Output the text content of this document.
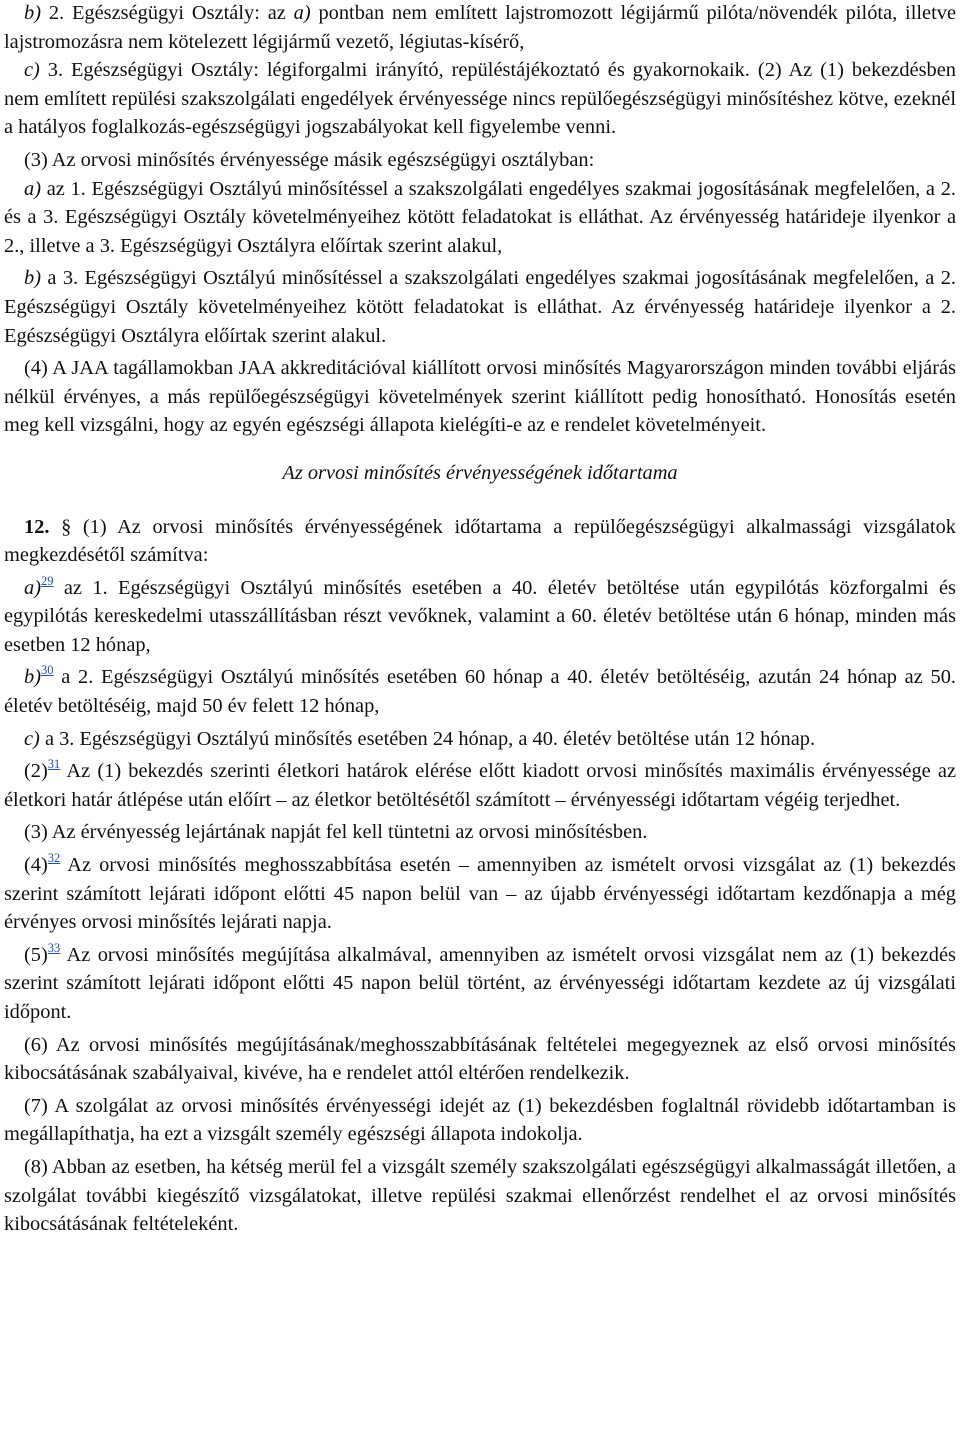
b) 2. Egészségügyi Osztály: az a) pontban nem említett lajstromozott légijármű pilóta/növendék pilóta, illetve lajstromozásra nem kötelezett légijármű vezető, légiutas-kísérő,

c) 3. Egészségügyi Osztály: légiforgalmi irányító, repüléstájékoztató és gyakornokaik. (2) Az (1) bekezdésben nem említett repülési szakszolgálati engedélyek érvényessége nincs repülőegészségügyi minősítéshez kötve, ezeknél a hatályos foglalkozás-egészségügyi jogszabályokat kell figyelembe venni.

(3) Az orvosi minősítés érvényessége másik egészségügyi osztályban:

a) az 1. Egészségügyi Osztályú minősítéssel a szakszolgálati engedélyes szakmai jogosításának megfelelően, a 2. és a 3. Egészségügyi Osztály követelményeihez kötött feladatokat is elláthat. Az érvényesség határideje ilyenkor a 2., illetve a 3. Egészségügyi Osztályra előírtak szerint alakul,

b) a 3. Egészségügyi Osztályú minősítéssel a szakszolgálati engedélyes szakmai jogosításának megfelelően, a 2. Egészségügyi Osztály követelményeihez kötött feladatokat is elláthat. Az érvényesség határideje ilyenkor a 2. Egészségügyi Osztályra előírtak szerint alakul.

(4) A JAA tagállamokban JAA akkreditációval kiállított orvosi minősítés Magyarországon minden további eljárás nélkül érvényes, a más repülőegészségügyi követelmények szerint kiállított pedig honosítható. Honosítás esetén meg kell vizsgálni, hogy az egyén egészségi állapota kielégíti-e az e rendelet követelményeit.

Az orvosi minősítés érvényességének időtartama

12. § (1) Az orvosi minősítés érvényességének időtartama a repülőegészségügyi alkalmassági vizsgálatok megkezdésétől számítva:

a)$^{29}$ az 1. Egészségügyi Osztályú minősítés esetében a 40. életév betöltése után egypilótás közforgalmi és egypilótás kereskedelmi utasszállításban részt vevőknek, valamint a 60. életév betöltése után 6 hónap, minden más esetben 12 hónap,

b)$^{30}$ a 2. Egészségügyi Osztályú minősítés esetében 60 hónap a 40. életév betöltéséig, azután 24 hónap az 50. életév betöltéséig, majd 50 év felett 12 hónap,

c) a 3. Egészségügyi Osztályú minősítés esetében 24 hónap, a 40. életév betöltése után 12 hónap.

(2)$^{31}$ Az (1) bekezdés szerinti életkori határok elérése előtt kiadott orvosi minősítés maximális érvényessége az életkori határ átlépése után előírt – az életkor betöltésétől számított – érvényességi időtartam végéig terjedhet.

(3) Az érvényesség lejártának napját fel kell tüntetni az orvosi minősítésben.

(4)$^{32}$ Az orvosi minősítés meghosszabbítása esetén – amennyiben az ismételt orvosi vizsgálat az (1) bekezdés szerint számított lejárati időpont előtti 45 napon belül van – az újabb érvényességi időtartam kezdőnapja a még érvényes orvosi minősítés lejárati napja.

(5)$^{33}$ Az orvosi minősítés megújítása alkalmával, amennyiben az ismételt orvosi vizsgálat nem az (1) bekezdés szerint számított lejárati időpont előtti 45 napon belül történt, az érvényességi időtartam kezdete az új vizsgálati időpont.

(6) Az orvosi minősítés megújításának/meghosszabbításának feltételei megegyeznek az első orvosi minősítés kibocsátásának szabályaival, kivéve, ha e rendelet attól eltérően rendelkezik.

(7) A szolgálat az orvosi minősítés érvényességi idejét az (1) bekezdésben foglaltnál rövidebb időtartamban is megállapíthatja, ha ezt a vizsgált személy egészségi állapota indokolja.

(8) Abban az esetben, ha kétség merül fel a vizsgált személy szakszolgálati egészségügyi alkalmasságát illetően, a szolgálat további kiegészítő vizsgálatokat, illetve repülési szakmai ellenőrzést rendelhet el az orvosi minősítés kibocsátásának feltételeként.
